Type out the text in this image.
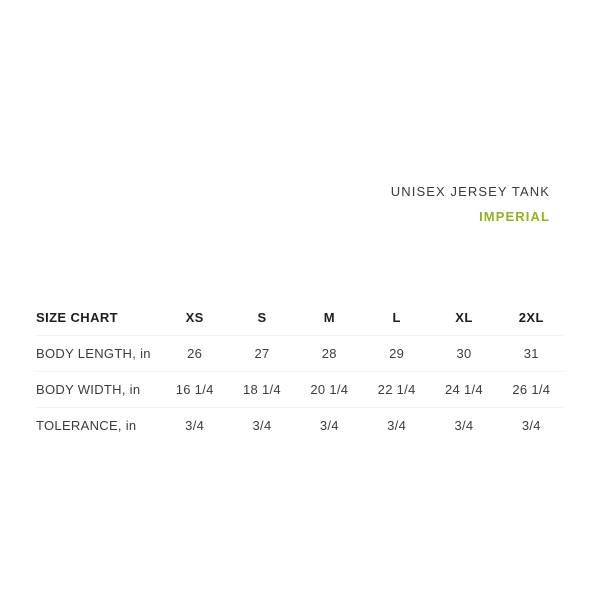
UNISEX JERSEY TANK
IMPERIAL
SIZE CHART	XS	S	M	L	XL	2XL
BODY LENGTH, in	26	27	28	29	30	31
BODY WIDTH, in	16 1/4	18 1/4	20 1/4	22 1/4	24 1/4	26 1/4
TOLERANCE, in	3/4	3/4	3/4	3/4	3/4	3/4
